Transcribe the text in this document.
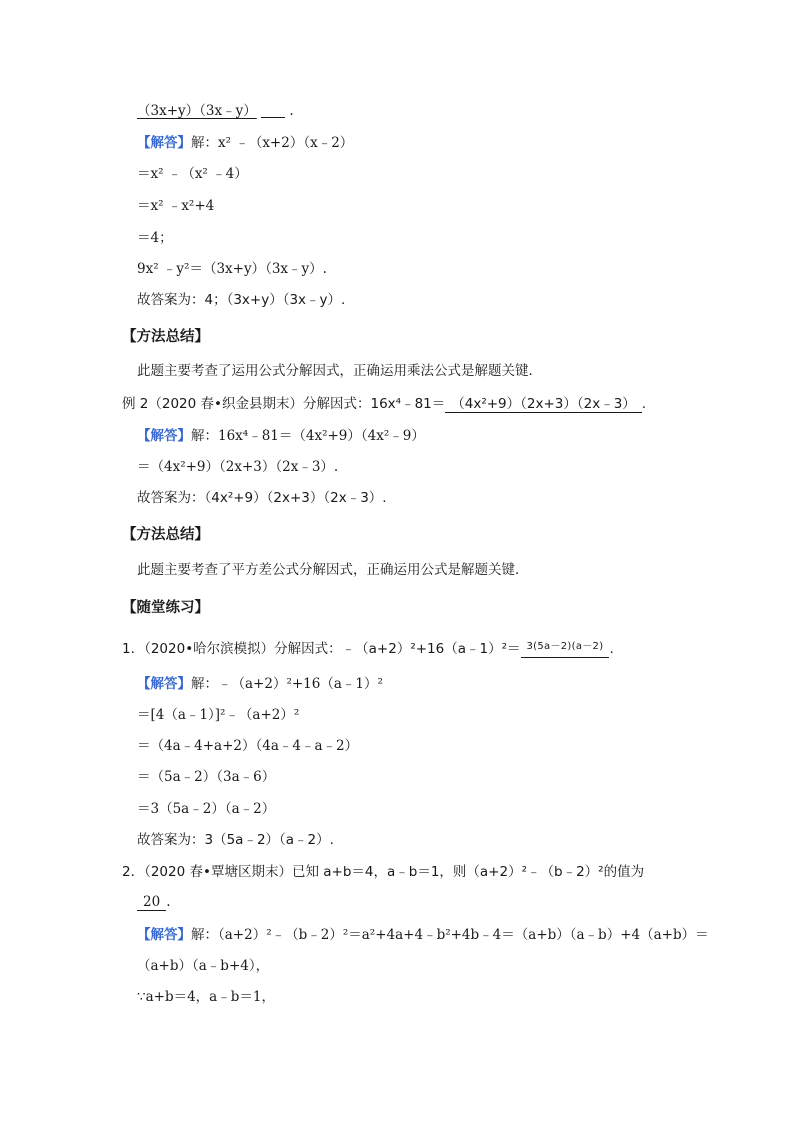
（3x+y）（3x﹣y） .
【解答】解：x² ﹣（x+2）（x﹣2）
＝x² ﹣（x² ﹣4）
＝x² ﹣x²+4
＝4；
9x² ﹣y²＝（3x+y）（3x﹣y）.
故答案为：4；（3x+y）（3x﹣y）.
【方法总结】
此题主要考查了运用公式分解因式，正确运用乘法公式是解题关键．
例 2（2020 春•织金县期末）分解因式：16x⁴﹣81＝ （4x²+9）（2x+3）（2x﹣3） .
【解答】解：16x⁴﹣81＝（4x²+9）（4x²﹣9）
＝（4x²+9）（2x+3）（2x﹣3）.
故答案为：（4x²+9）（2x+3）（2x﹣3）.
【方法总结】
此题主要考查了平方差公式分解因式，正确运用公式是解题关键．
【随堂练习】
1．（2020•哈尔滨模拟）分解因式：﹣（a+2）²+16（a﹣1）²＝ $^{3(5a-2)(a-2)}$ .
【解答】解：﹣（a+2）²+16（a﹣1）²
＝[4（a﹣1）]²﹣（a+2）²
＝（4a﹣4+a+2）（4a﹣4﹣a﹣2）
＝（5a﹣2）（3a﹣6）
＝3（5a﹣2）（a﹣2）
故答案为：3（5a﹣2）（a﹣2）.
2．（2020 春•覃塘区期末）已知 a+b＝4，a﹣b＝1，则（a+2）²﹣（b﹣2）²的值为
20 .
【解答】解：（a+2）²﹣（b﹣2）²＝a²+4a+4﹣b²+4b﹣4＝（a+b）（a﹣b）+4（a+b）＝
（a+b）（a﹣b+4），
∵a+b＝4，a﹣b＝1，
